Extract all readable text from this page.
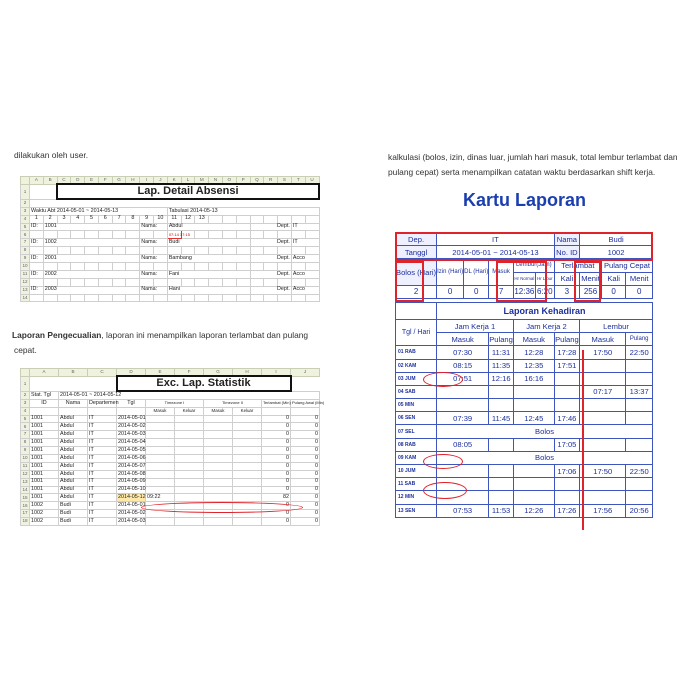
dilakukan oleh user.
	A	B	C	D	E	F	G	H	I	J	K	L	M	N	O	P	Q	R	S	T	U
1			Lap. Detail Absensi																		
2																					
3	Waktu Abt 2014-05-01 ~ 2014-05-13										Tabulasi 2014-05-13										
4	1	2	3	4	5	6	7	8	9	10	11	12	13								
5	ID:	1001							Nama:		Abdul						Dept.			IT	
6											07:14 17:15										
7	ID:	1002							Nama:		Budi						Dept.			IT	
8																					
9	ID:	2001							Nama:		Bambang						Dept.			Acco	
10																					
11	ID:	2002							Nama:		Fani						Dept.			Acco	
12																					
13	ID:	2003							Nama:		Hani						Dept.			Acco	
14																					
Laporan Pengecualian, laporan ini menampilkan laporan terlambat dan pulang
cepat.
	A	B	C	D	E	F	G	H	I	J
1				Exc. Lap. Statistik						
2	Stat. Tgl	2014-05-01 ~ 2014-05-12								
3	ID	Nama	Departemen	Tgl	Timezone I		Timezone II		Terlambat (Min)	Pulang Awal (Min)
4					Masuk	Keluar	Masuk	Keluar		
5	1001	Abdul	IT	2014-05-01					0	0
6	1001	Abdul	IT	2014-05-02					0	0
7	1001	Abdul	IT	2014-05-03					0	0
8	1001	Abdul	IT	2014-05-04					0	0
9	1001	Abdul	IT	2014-05-05					0	0
10	1001	Abdul	IT	2014-05-06					0	0
11	1001	Abdul	IT	2014-05-07					0	0
12	1001	Abdul	IT	2014-05-08					0	0
13	1001	Abdul	IT	2014-05-09					0	0
14	1001	Abdul	IT	2014-05-10					0	0
15	1001	Abdul	IT	2014-05-12	09:22				82	0
16	1002	Budi	IT	2014-05-01					0	0
17	1002	Budi	IT	2014-05-02					0	0
18	1002	Budi	IT	2014-05-03					0	0
kalkulasi (bolos, izin, dinas luar, jumlah hari masuk, total lembur terlambat dan
pulang cepat) serta menampilkan catatan waktu berdasarkan shift kerja.
Kartu Laporan
Dep.	IT					Nama	Budi		
Tanggl	2014-05-01 ~ 2014-05-13					No. ID	1002		
Bolos (Hari)	Izin (Hari)	DL (Hari)	Masuk	Lembur(Jam)		Terlambat		Pulang Cepat	
				Hr Normal	Hr Libur	Kali	Menit	Kali	Menit
2	0	0	7	12:36	6:20	3	256	0	0

	Laporan Kehadiran								
Tgl / Hari	Jam Kerja 1			Jam Kerja 2			Lembur		
	Masuk		Pulang	Masuk		Pulang	Masuk		Pulang
01 RAB	07:30		11:31	12:28		17:28	17:50		22:50
02 KAM	08:15		11:35	12:35		17:51			
03 JUM	07:51		12:16	16:16					
04 SAB							07:17		13:37
05 MIN									
06 SEN	07:39		11:45	12:45		17:46			
07 SEL	Bolos								
08 RAB	08:05					17:05			
09 KAM	Bolos								
10 JUM						17:06	17:50		22:50
11 SAB									
12 MIN									
13 SEN	07:53		11:53	12:26		17:26	17:56		20:56
